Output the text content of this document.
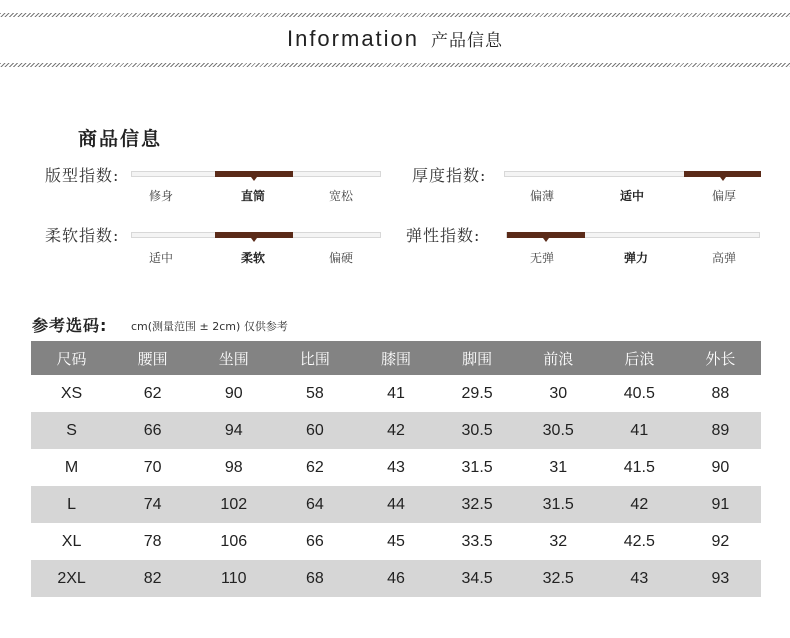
Information 产品信息
商品信息
版型指数:
修身	直筒	宽松
厚度指数:
偏薄	适中	偏厚
柔软指数:
适中	柔软	偏硬
弹性指数:
无弹	弹力	高弹
参考选码: cm(测量范围 ± 2cm) 仅供参考
尺码	腰围	坐围	比围	膝围	脚围	前浪	后浪	外长
XS	62	90	58	41	29.5	30	40.5	88
S	66	94	60	42	30.5	30.5	41	89
M	70	98	62	43	31.5	31	41.5	90
L	74	102	64	44	32.5	31.5	42	91
XL	78	106	66	45	33.5	32	42.5	92
2XL	82	110	68	46	34.5	32.5	43	93
